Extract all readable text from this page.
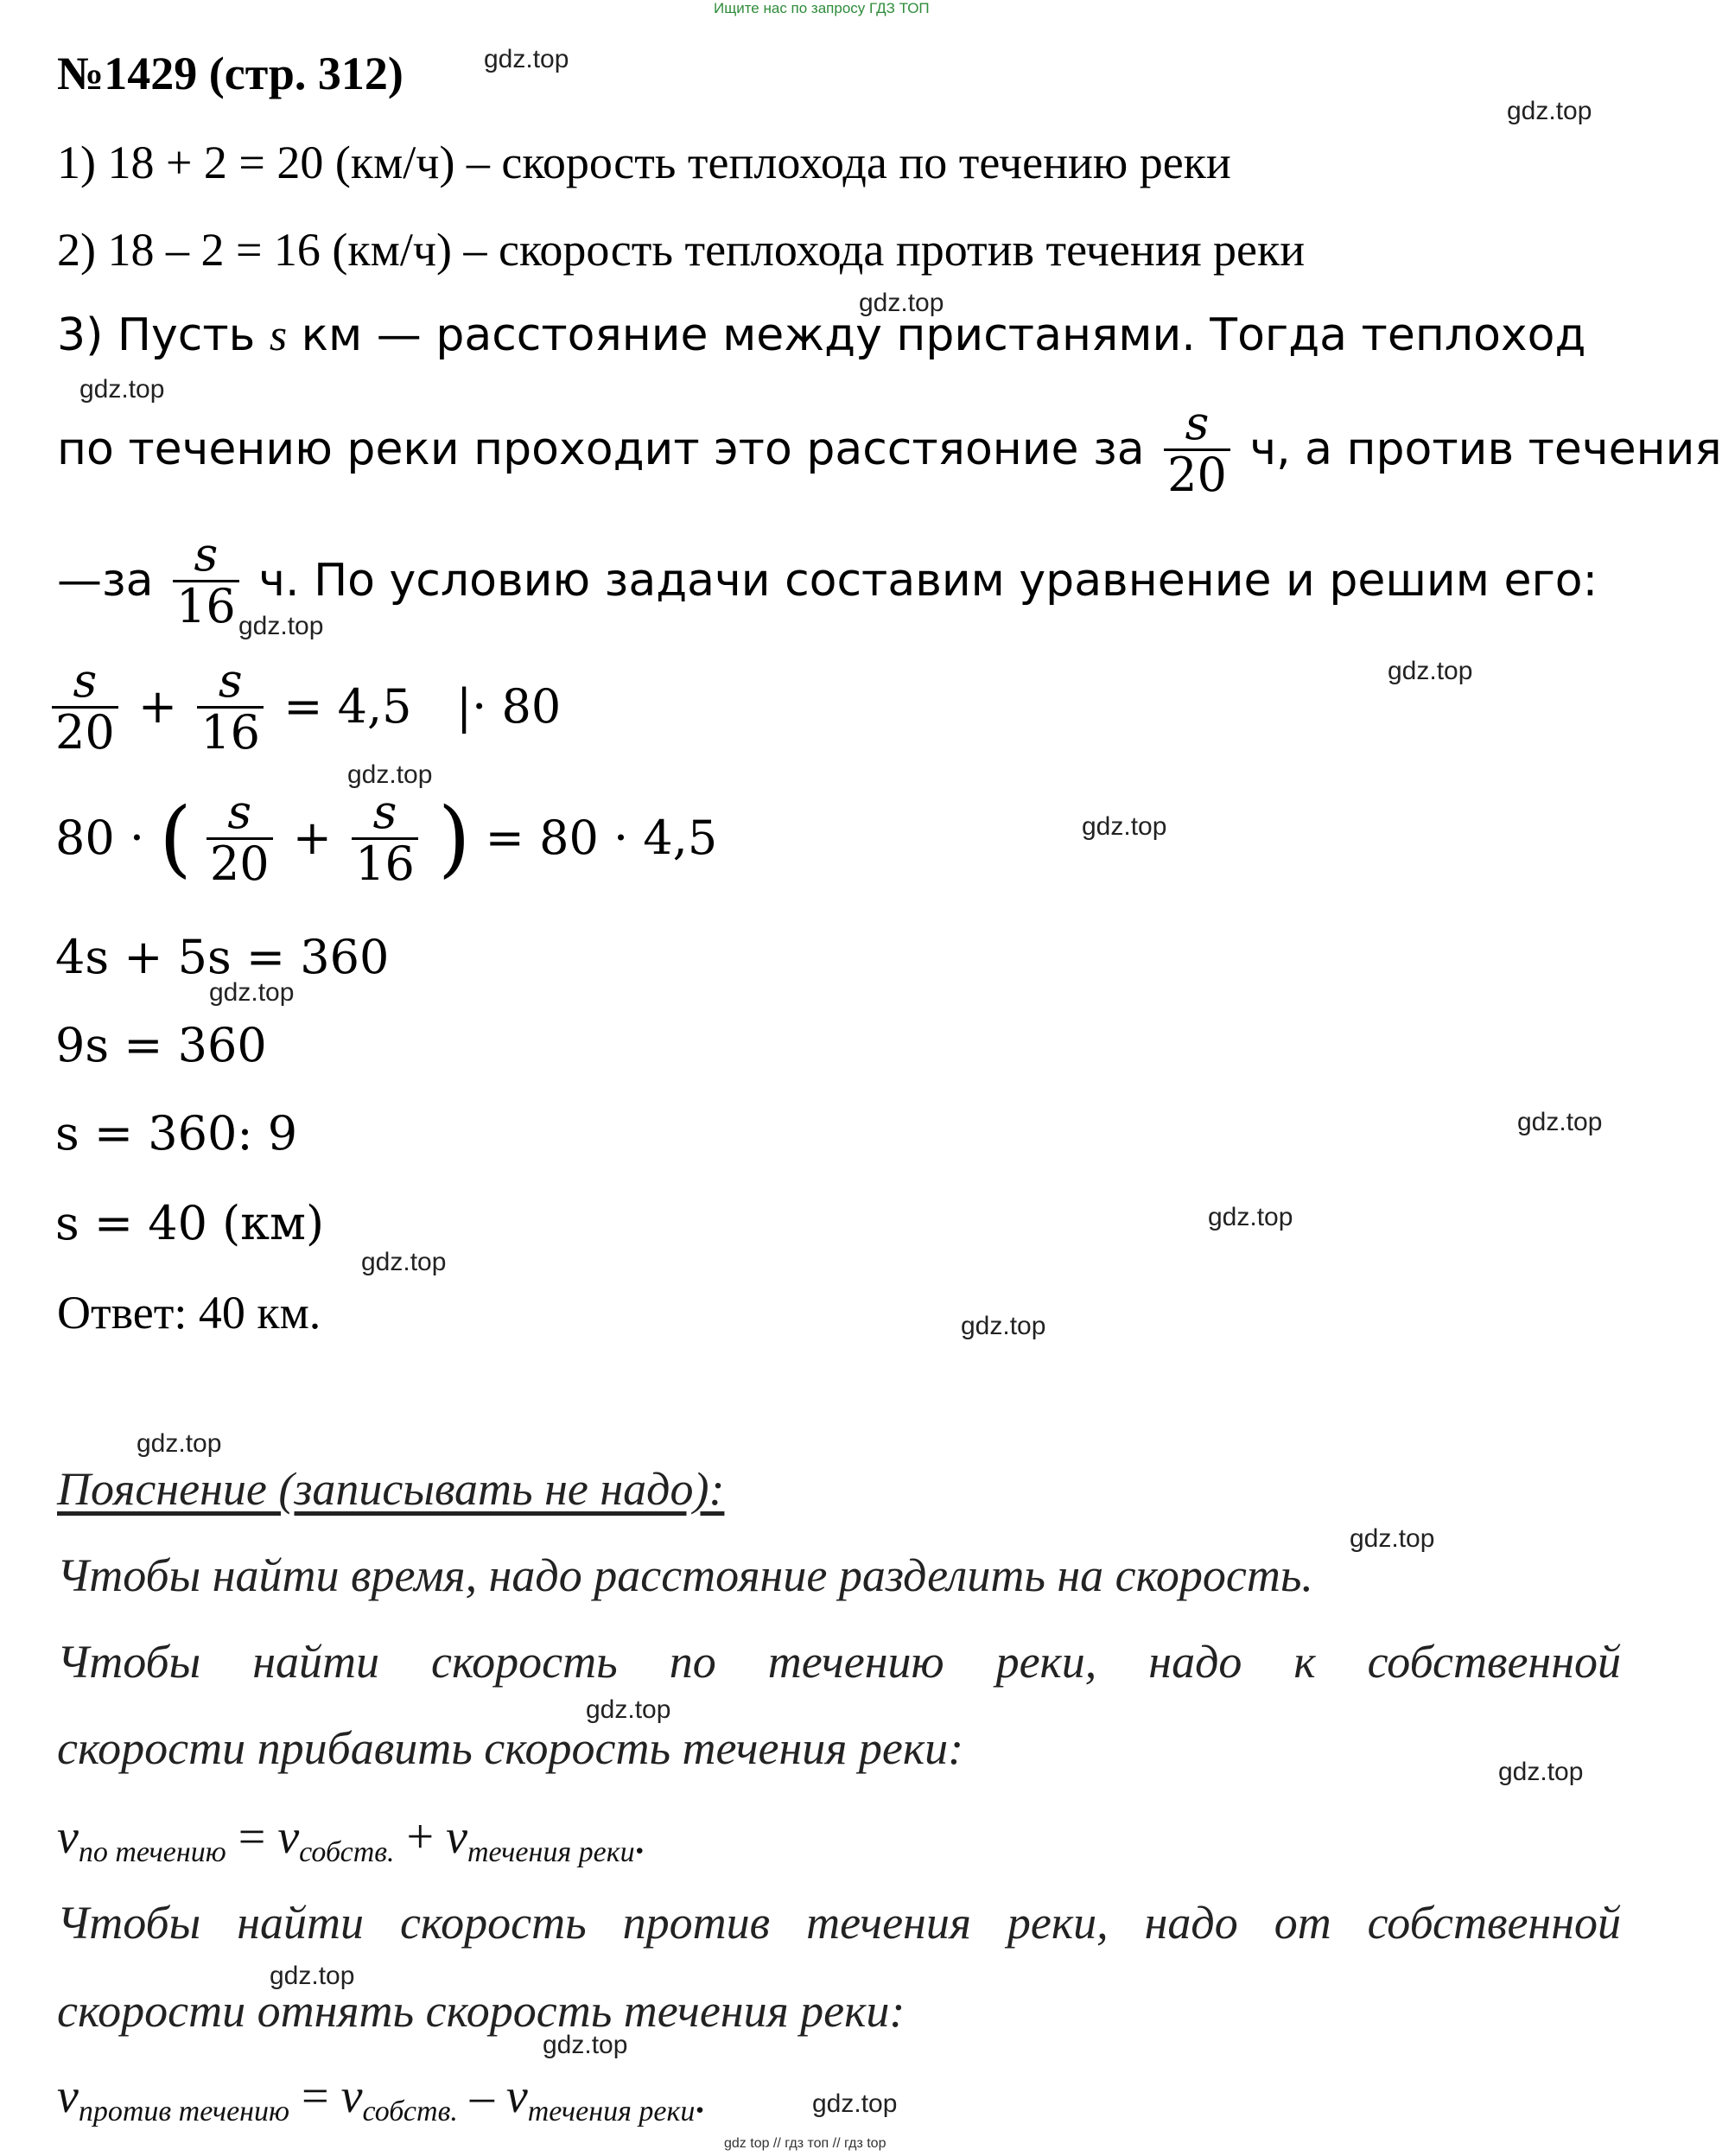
Ищите нас по запросу ГДЗ ТОП
№1429 (стр. 312)
1) 18 + 2 = 20 (км/ч) – скорость теплохода по течению реки
2) 18 – 2 = 16 (км/ч) – скорость теплохода против течения реки
3) Пусть s км — расстояние между пристанями. Тогда теплоход
по течению реки проходит это расстяоние за $\frac{s}{20} ч$, а против течения
—за $\frac{s}{16} ч$. По условию задачи составим уравнение и решим его:
$\frac{s}{20} + \frac{s}{16} = 4,5$   |· 80
80 · ( $\frac{s}{20} + \frac{s}{16}$ ) = 80 · 4,5
4s + 5s = 360
9s = 360
s = 360: 9
s = 40 (км)
Ответ: 40 км.
Пояснение (записывать не надо):
Чтобы найти время, надо расстояние разделить на скорость.
Чтобы найти скорость по течению реки, надо к собственной
скорости прибавить скорость течения реки:
$v_{по течению} = v_{собств.} + v_{течения реки}$.
Чтобы найти скорость против течения реки, надо от собственной
скорости отнять скорость течения реки:
$v_{против течению} = v_{собств.} - v_{течения реки}$.
gdz.top
gdz.top
gdz.top
gdz.top
gdz.top
gdz.top
gdz.top
gdz.top
gdz.top
gdz.top
gdz.top
gdz.top
gdz.top
gdz.top
gdz.top
gdz.top
gdz.top
gdz.top
gdz.top
gdz.top
gdz top // гдз топ // гдз top
